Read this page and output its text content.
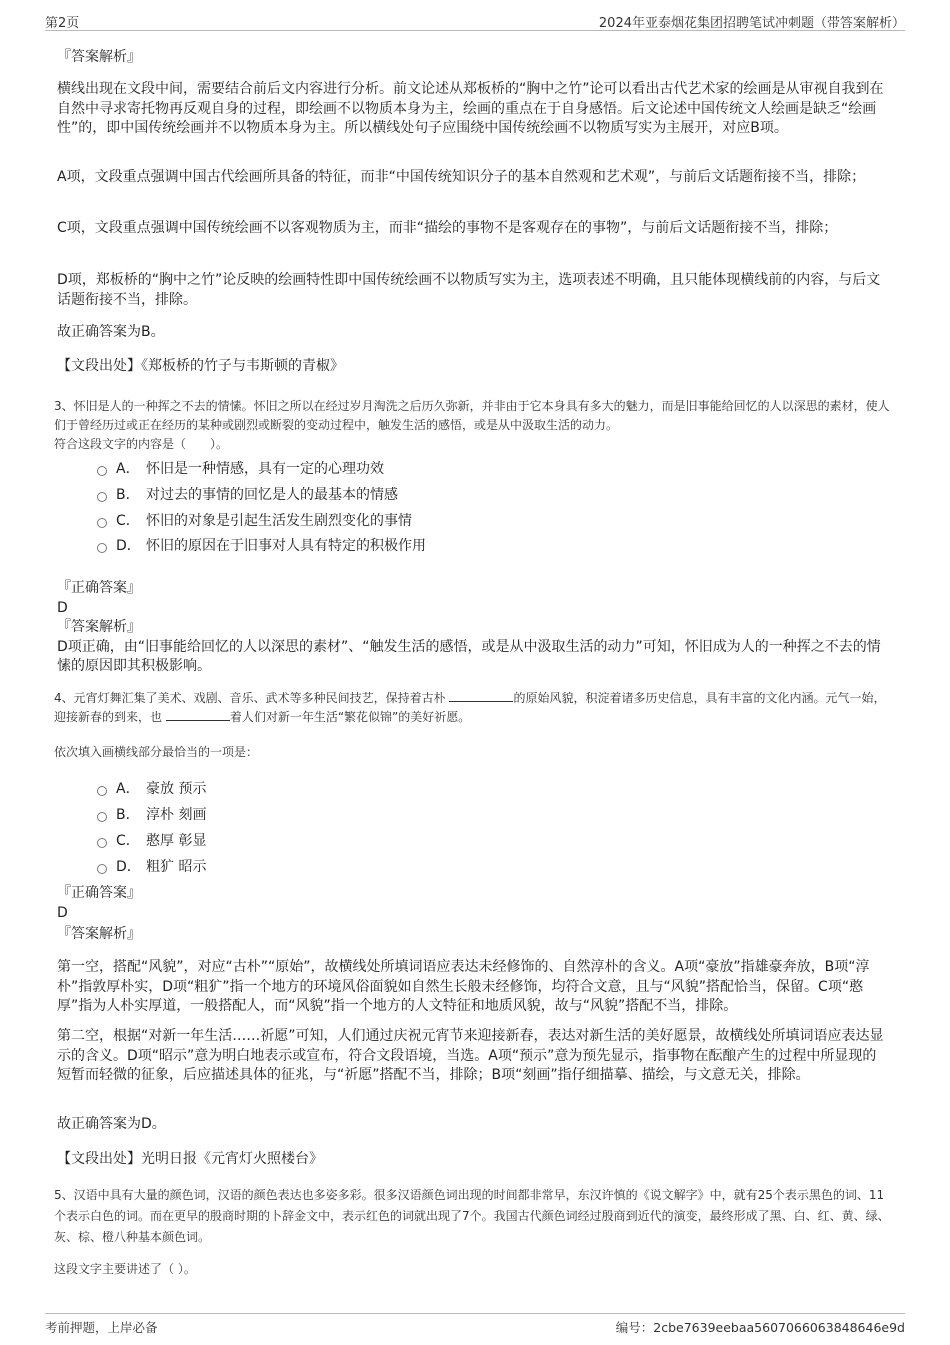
第2页	2024年亚泰烟花集团招聘笔试冲刺题（带答案解析）

『答案解析』

横线出现在文段中间，需要结合前后文内容进行分析。前文论述从郑板桥的“胸中之竹”论可以看出古代艺术家的绘画是从审视自我到在自然中寻求寄托物再反观自身的过程，即绘画不以物质本身为主，绘画的重点在于自身感悟。后文论述中国传统文人绘画是缺乏“绘画性”的，即中国传统绘画并不以物质本身为主。所以横线处句子应围绕中国传统绘画不以物质写实为主展开，对应B项。

A项，文段重点强调中国古代绘画所具备的特征，而非“中国传统知识分子的基本自然观和艺术观”，与前后文话题衔接不当，排除；

C项，文段重点强调中国传统绘画不以客观物质为主，而非“描绘的事物不是客观存在的事物”，与前后文话题衔接不当，排除；

D项，郑板桥的“胸中之竹”论反映的绘画特性即中国传统绘画不以物质写实为主，选项表述不明确，且只能体现横线前的内容，与后文话题衔接不当，排除。

故正确答案为B。

【文段出处】《郑板桥的竹子与韦斯顿的青椒》

3、怀旧是人的一种挥之不去的情愫。怀旧之所以在经过岁月淘洗之后历久弥新，并非由于它本身具有多大的魅力，而是旧事能给回忆的人以深思的素材，使人们于曾经历过或正在经历的某种或剧烈或断裂的变动过程中，触发生活的感悟，或是从中汲取生活的动力。

符合这段文字的内容是（　　）。

A． 怀旧是一种情感，具有一定的心理功效
B． 对过去的事情的回忆是人的最基本的情感
C． 怀旧的对象是引起生活发生剧烈变化的事情
D． 怀旧的原因在于旧事对人具有特定的积极作用

『正确答案』

D

『答案解析』

D项正确，由“旧事能给回忆的人以深思的素材”、“触发生活的感悟，或是从中汲取生活的动力”可知，怀旧成为人的一种挥之不去的情愫的原因即其积极影响。

4、元宵灯舞汇集了美术、戏剧、音乐、武术等多种民间技艺，保持着古朴	的原始风貌，积淀着诸多历史信息，具有丰富的文化内涵。元气一始，迎接新春的到来，也	着人们对新一年生活“繁花似锦”的美好祈愿。

依次填入画横线部分最恰当的一项是：

A． 豪放 预示
B． 淳朴 刻画
C． 憨厚 彰显
D． 粗犷 昭示

『正确答案』

D

『答案解析』

第一空，搭配“风貌”，对应“古朴”“原始”，故横线处所填词语应表达未经修饰的、自然淳朴的含义。A项“豪放”指雄豪奔放，B项“淳朴”指敦厚朴实，D项“粗犷”指一个地方的环境风俗面貌如自然生长般未经修饰，均符合文意，且与“风貌”搭配恰当，保留。C项“憨厚”指为人朴实厚道，一般搭配人，而“风貌”指一个地方的人文特征和地质风貌，故与“风貌”搭配不当，排除。

第二空，根据“对新一年生活……祈愿”可知，人们通过庆祝元宵节来迎接新春，表达对新生活的美好愿景，故横线处所填词语应表达显示的含义。D项“昭示”意为明白地表示或宣布，符合文段语境，当选。A项“预示”意为预先显示，指事物在酝酿产生的过程中所显现的短暂而轻微的征象，后应描述具体的征兆，与“祈愿”搭配不当，排除；B项“刻画”指仔细描摹、描绘，与文意无关，排除。

故正确答案为D。

【文段出处】光明日报《元宵灯火照楼台》

5、汉语中具有大量的颜色词，汉语的颜色表达也多姿多彩。很多汉语颜色词出现的时间都非常早，东汉许慎的《说文解字》中，就有25个表示黑色的词、11个表示白色的词。而在更早的殷商时期的卜辞金文中，表示红色的词就出现了7个。我国古代颜色词经过殷商到近代的演变，最终形成了黑、白、红、黄、绿、灰、棕、橙八种基本颜色词。

这段文字主要讲述了（ ）。

考前押题，上岸必备	编号：2cbe7639eebaa5607066063848646e9d
